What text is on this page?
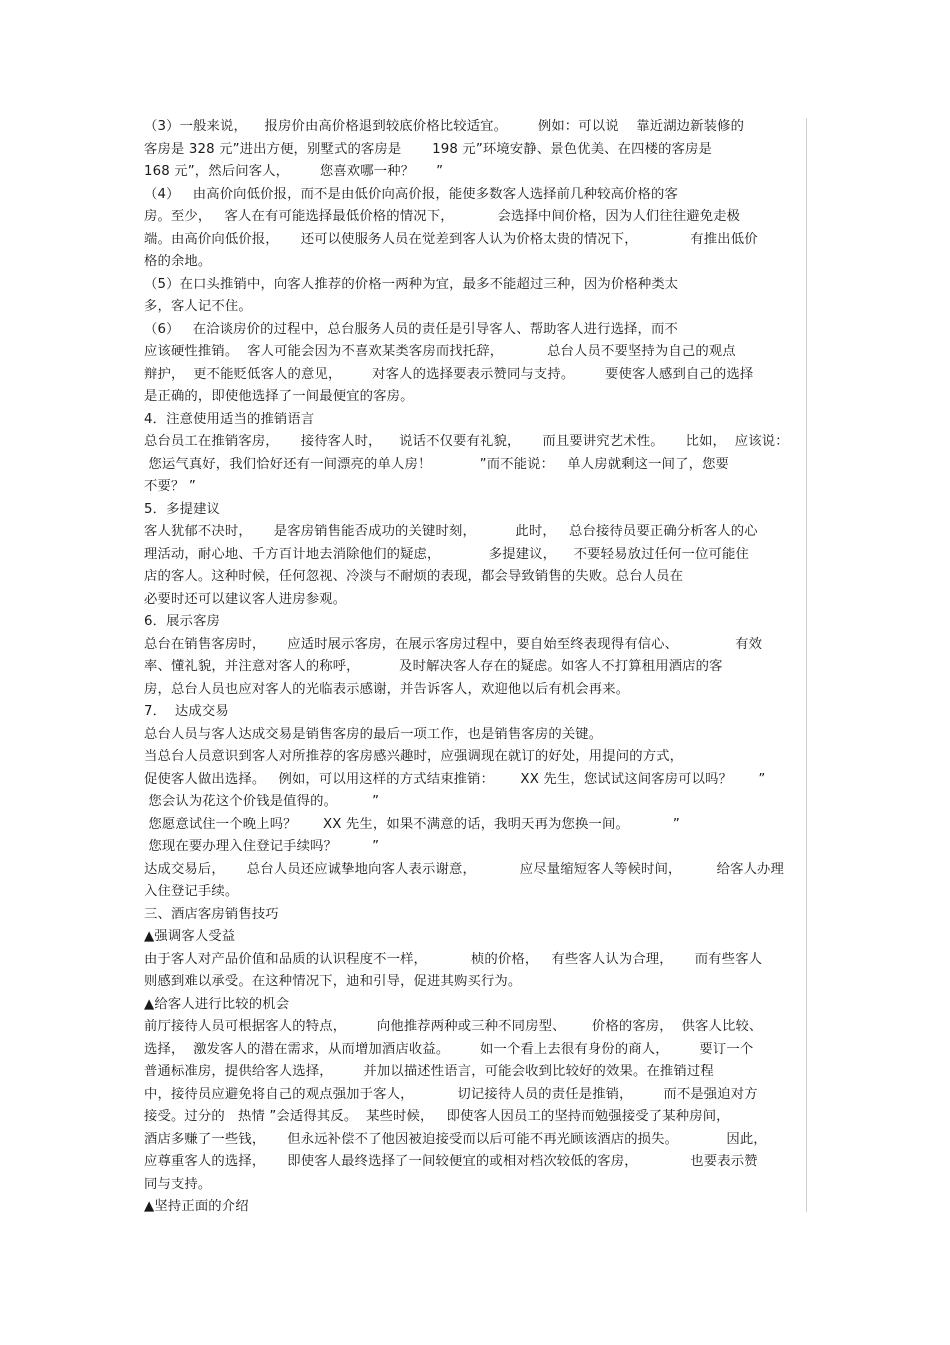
（3）一般来说，    报房价由高价格退到较底价格比较适宜。       例如：可以说    靠近湖边新装修的
客房是 328 元”进出方便，别墅式的客房是       198 元”环境安静、景色优美、在四楼的客房是
168 元”，然后问客人，       您喜欢哪一种？     ”
（4）   由高价向低价报，而不是由低价向高价报，能使多数客人选择前几种较高价格的客
房。至少，   客人在有可能选择最低价格的情况下，          会选择中间价格，因为人们往往避免走极
端。由高价向低价报，     还可以使服务人员在觉差到客人认为价格太贵的情况下，            有推出低价
格的余地。
（5）在口头推销中，向客人推荐的价格一两种为宜，最多不能超过三种，因为价格种类太
多，客人记不住。
（6）   在洽谈房价的过程中，总台服务人员的责任是引导客人、帮助客人进行选择，而不
应该硬性推销。  客人可能会因为不喜欢某类客房而找托辞，          总台人员不要坚持为自己的观点
辩护，  更不能贬低客人的意见，       对客人的选择要表示赞同与支持。       要使客人感到自己的选择
是正确的，即使他选择了一间最便宜的客房。
4．注意使用适当的推销语言
总台员工在推销客房，     接待客人时，    说话不仅要有礼貌，     而且要讲究艺术性。     比如，  应该说：
您运气真好，我们恰好还有一间漂亮的单人房！           ”而不能说：   单人房就剩这一间了，您要
不要？ ”
5．多提建议
客人犹郁不决时，     是客房销售能否成功的关键时刻，         此时，   总台接待员要正确分析客人的心
理活动，耐心地、千方百计地去消除他们的疑虑，           多提建议，    不要轻易放过任何一位可能住
店的客人。这种时候，任何忽视、冷淡与不耐烦的表现，都会导致销售的失败。总台人员在
必要时还可以建议客人进房参观。
6．展示客房
总台在销售客房时，     应适时展示客房，在展示客房过程中，要自始至终表现得有信心、             有效
率、懂礼貌，并注意对客人的称呼，         及时解决客人存在的疑虑。如客人不打算租用酒店的客
房，总台人员也应对客人的光临表示感谢，并告诉客人，欢迎他以后有机会再来。
7．  达成交易
总台人员与客人达成交易是销售客房的最后一项工作，也是销售客房的关键。
当总台人员意识到客人对所推荐的客房感兴趣时，应强调现在就订的好处，用提问的方式，
促使客人做出选择。   例如，可以用这样的方式结束推销：      XX 先生，您试试这间客房可以吗？      ”
您会认为花这个价钱是值得的。        ”
您愿意试住一个晚上吗？      XX 先生，如果不满意的话，我明天再为您换一间。          ”
您现在要办理入住登记手续吗？        ”
达成交易后，     总台人员还应诚挚地向客人表示谢意，          应尽量缩短客人等候时间，        给客人办理
入住登记手续。
三、酒店客房销售技巧
▲强调客人受益
由于客人对产品价值和品质的认识程度不一样，          桢的价格，   有些客人认为合理，     而有些客人
则感到难以承受。在这种情况下，迪和引导，促进其购买行为。
▲给客人进行比较的机会
前厅接待人员可根据客人的特点，       向他推荐两种或三种不同房型、      价格的客房，  供客人比较、
选择，  激发客人的潜在需求，从而增加酒店收益。       如一个看上去很有身份的商人，       要订一个
普通标准房，提供给客人选择，       并加以描述性语言，可能会收到比较好的效果。在推销过程
中，接待员应避免将自己的观点强加于客人，          切记接待人员的责任是推销，       而不是强迫对方
接受。过分的   热情 ”会适得其反。  某些时候，   即使客人因员工的坚持而勉强接受了某种房间，
酒店多赚了一些钱，     但永远补偿不了他因被迫接受而以后可能不再光顾该酒店的损失。           因此，
应尊重客人的选择，     即使客人最终选择了一间较便宜的或相对档次较低的客房，            也要表示赞
同与支持。
▲坚持正面的介绍
